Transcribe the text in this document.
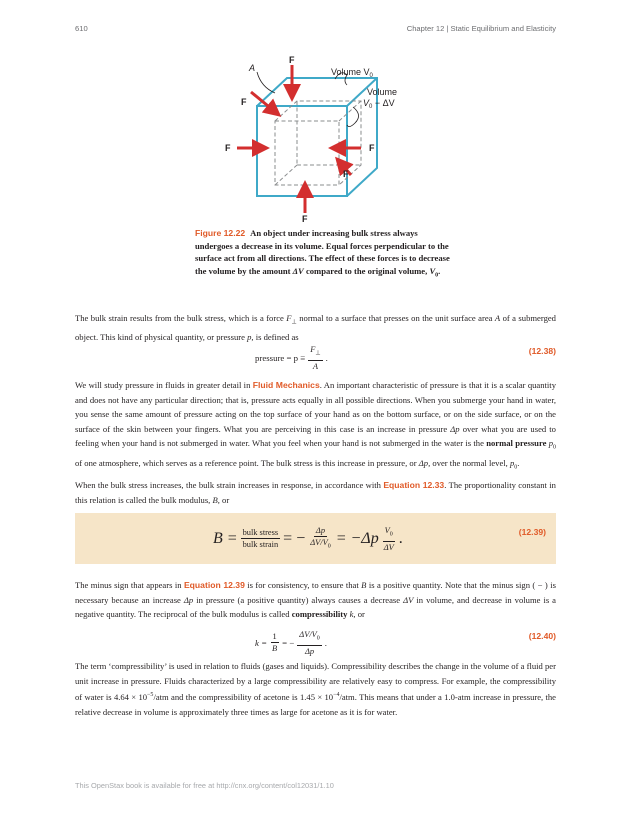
610	Chapter 12 | Static Equilibrium and Elasticity
A
F
F
F	F
F
F
Volume $V_0$
Volume
$V_0 - \Delta V$
Figure 12.22 An object under increasing bulk stress always undergoes a decrease in its volume. Equal forces perpendicular to the surface act from all directions. The effect of these forces is to decrease the volume by the amount ΔV compared to the original volume, $V_0$.
The bulk strain results from the bulk stress, which is a force $F_\perp$ normal to a surface that presses on the unit surface area A of a submerged object. This kind of physical quantity, or pressure p, is defined as
pressure = $p \equiv \frac{F_\perp}{A}$ .
(12.38)
We will study pressure in fluids in greater detail in Fluid Mechanics. An important characteristic of pressure is that it is a scalar quantity and does not have any particular direction; that is, pressure acts equally in all possible directions. When you submerge your hand in water, you sense the same amount of pressure acting on the top surface of your hand as on the bottom surface, or on the side surface, or on the surface of the skin between your fingers. What you are perceiving in this case is an increase in pressure Δp over what you are used to feeling when your hand is not submerged in water. What you feel when your hand is not submerged in the water is the normal pressure $p_0$ of one atmosphere, which serves as a reference point. The bulk stress is this increase in pressure, or Δp, over the normal level, $p_0$.
When the bulk stress increases, the bulk strain increases in response, in accordance with Equation 12.33. The proportionality constant in this relation is called the bulk modulus, B, or
$B = \frac{\text{bulk stress}}{\text{bulk strain}}$ = − $\frac{\Delta p}{\Delta V/V_0} = -\Delta p \frac{V_0}{\Delta V}$ .	(12.39)
The minus sign that appears in Equation 12.39 is for consistency, to ensure that B is a positive quantity. Note that the minus sign ( − ) is necessary because an increase Δp in pressure (a positive quantity) always causes a decrease ΔV in volume, and decrease in volume is a negative quantity. The reciprocal of the bulk modulus is called compressibility k, or
$k = \frac{1}{B}$ = − $\frac{\Delta V/V_0}{\Delta p}$ .
(12.40)
The term ‘compressibility’ is used in relation to fluids (gases and liquids). Compressibility describes the change in the volume of a fluid per unit increase in pressure. Fluids characterized by a large compressibility are relatively easy to compress. For example, the compressibility of water is $4.64 \times 10^{-5}$/atm and the compressibility of acetone is $1.45 \times 10^{-4}$/atm. This means that under a 1.0-atm increase in pressure, the relative decrease in volume is approximately three times as large for acetone as it is for water.
This OpenStax book is available for free at http://cnx.org/content/col12031/1.10
